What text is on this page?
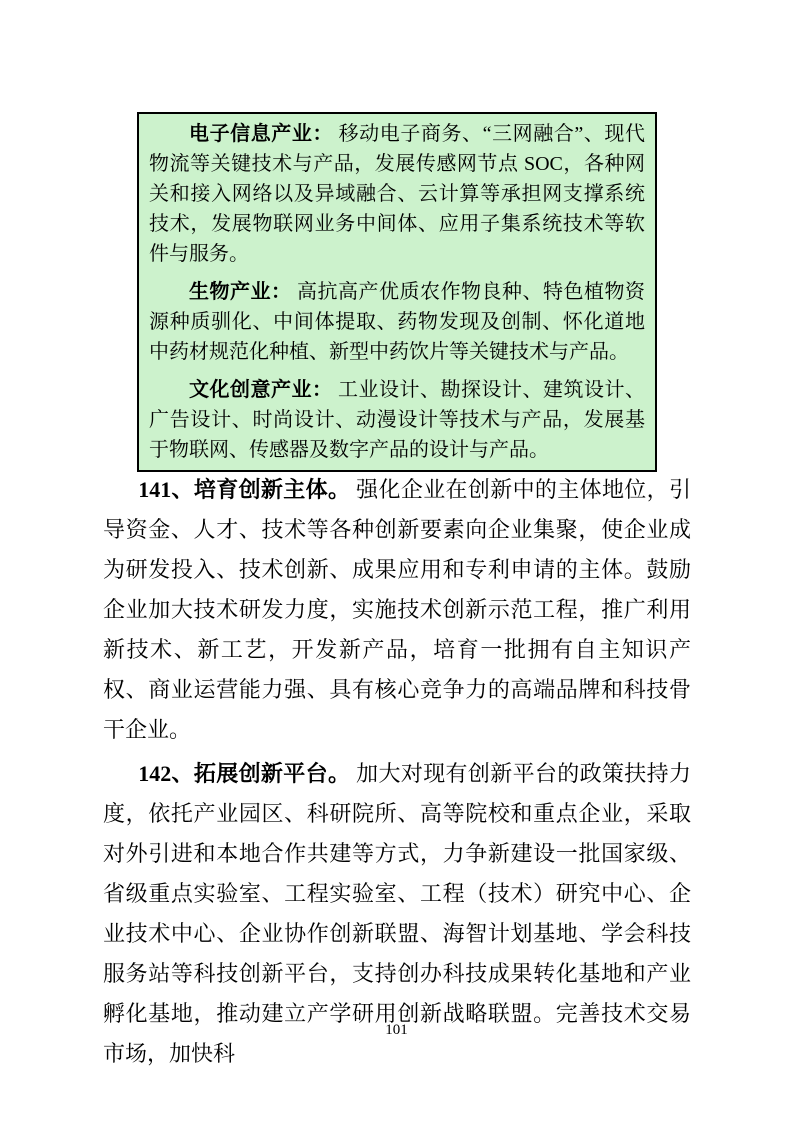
电子信息产业： 移动电子商务、“三网融合”、现代物流等关键技术与产品，发展传感网节点 SOC，各种网关和接入网络以及异域融合、云计算等承担网支撑系统技术，发展物联网业务中间体、应用子集系统技术等软件与服务。

生物产业： 高抗高产优质农作物良种、特色植物资源种质驯化、中间体提取、药物发现及创制、怀化道地中药材规范化种植、新型中药饮片等关键技术与产品。

文化创意产业： 工业设计、勘探设计、建筑设计、广告设计、时尚设计、动漫设计等技术与产品，发展基于物联网、传感器及数字产品的设计与产品。

141、培育创新主体。 强化企业在创新中的主体地位，引导资金、人才、技术等各种创新要素向企业集聚，使企业成为研发投入、技术创新、成果应用和专利申请的主体。鼓励企业加大技术研发力度，实施技术创新示范工程，推广利用新技术、新工艺，开发新产品，培育一批拥有自主知识产权、商业运营能力强、具有核心竞争力的高端品牌和科技骨干企业。

142、拓展创新平台。 加大对现有创新平台的政策扶持力度，依托产业园区、科研院所、高等院校和重点企业，采取对外引进和本地合作共建等方式，力争新建设一批国家级、省级重点实验室、工程实验室、工程（技术）研究中心、企业技术中心、企业协作创新联盟、海智计划基地、学会科技服务站等科技创新平台，支持创办科技成果转化基地和产业孵化基地，推动建立产学研用创新战略联盟。完善技术交易市场，加快科

101
